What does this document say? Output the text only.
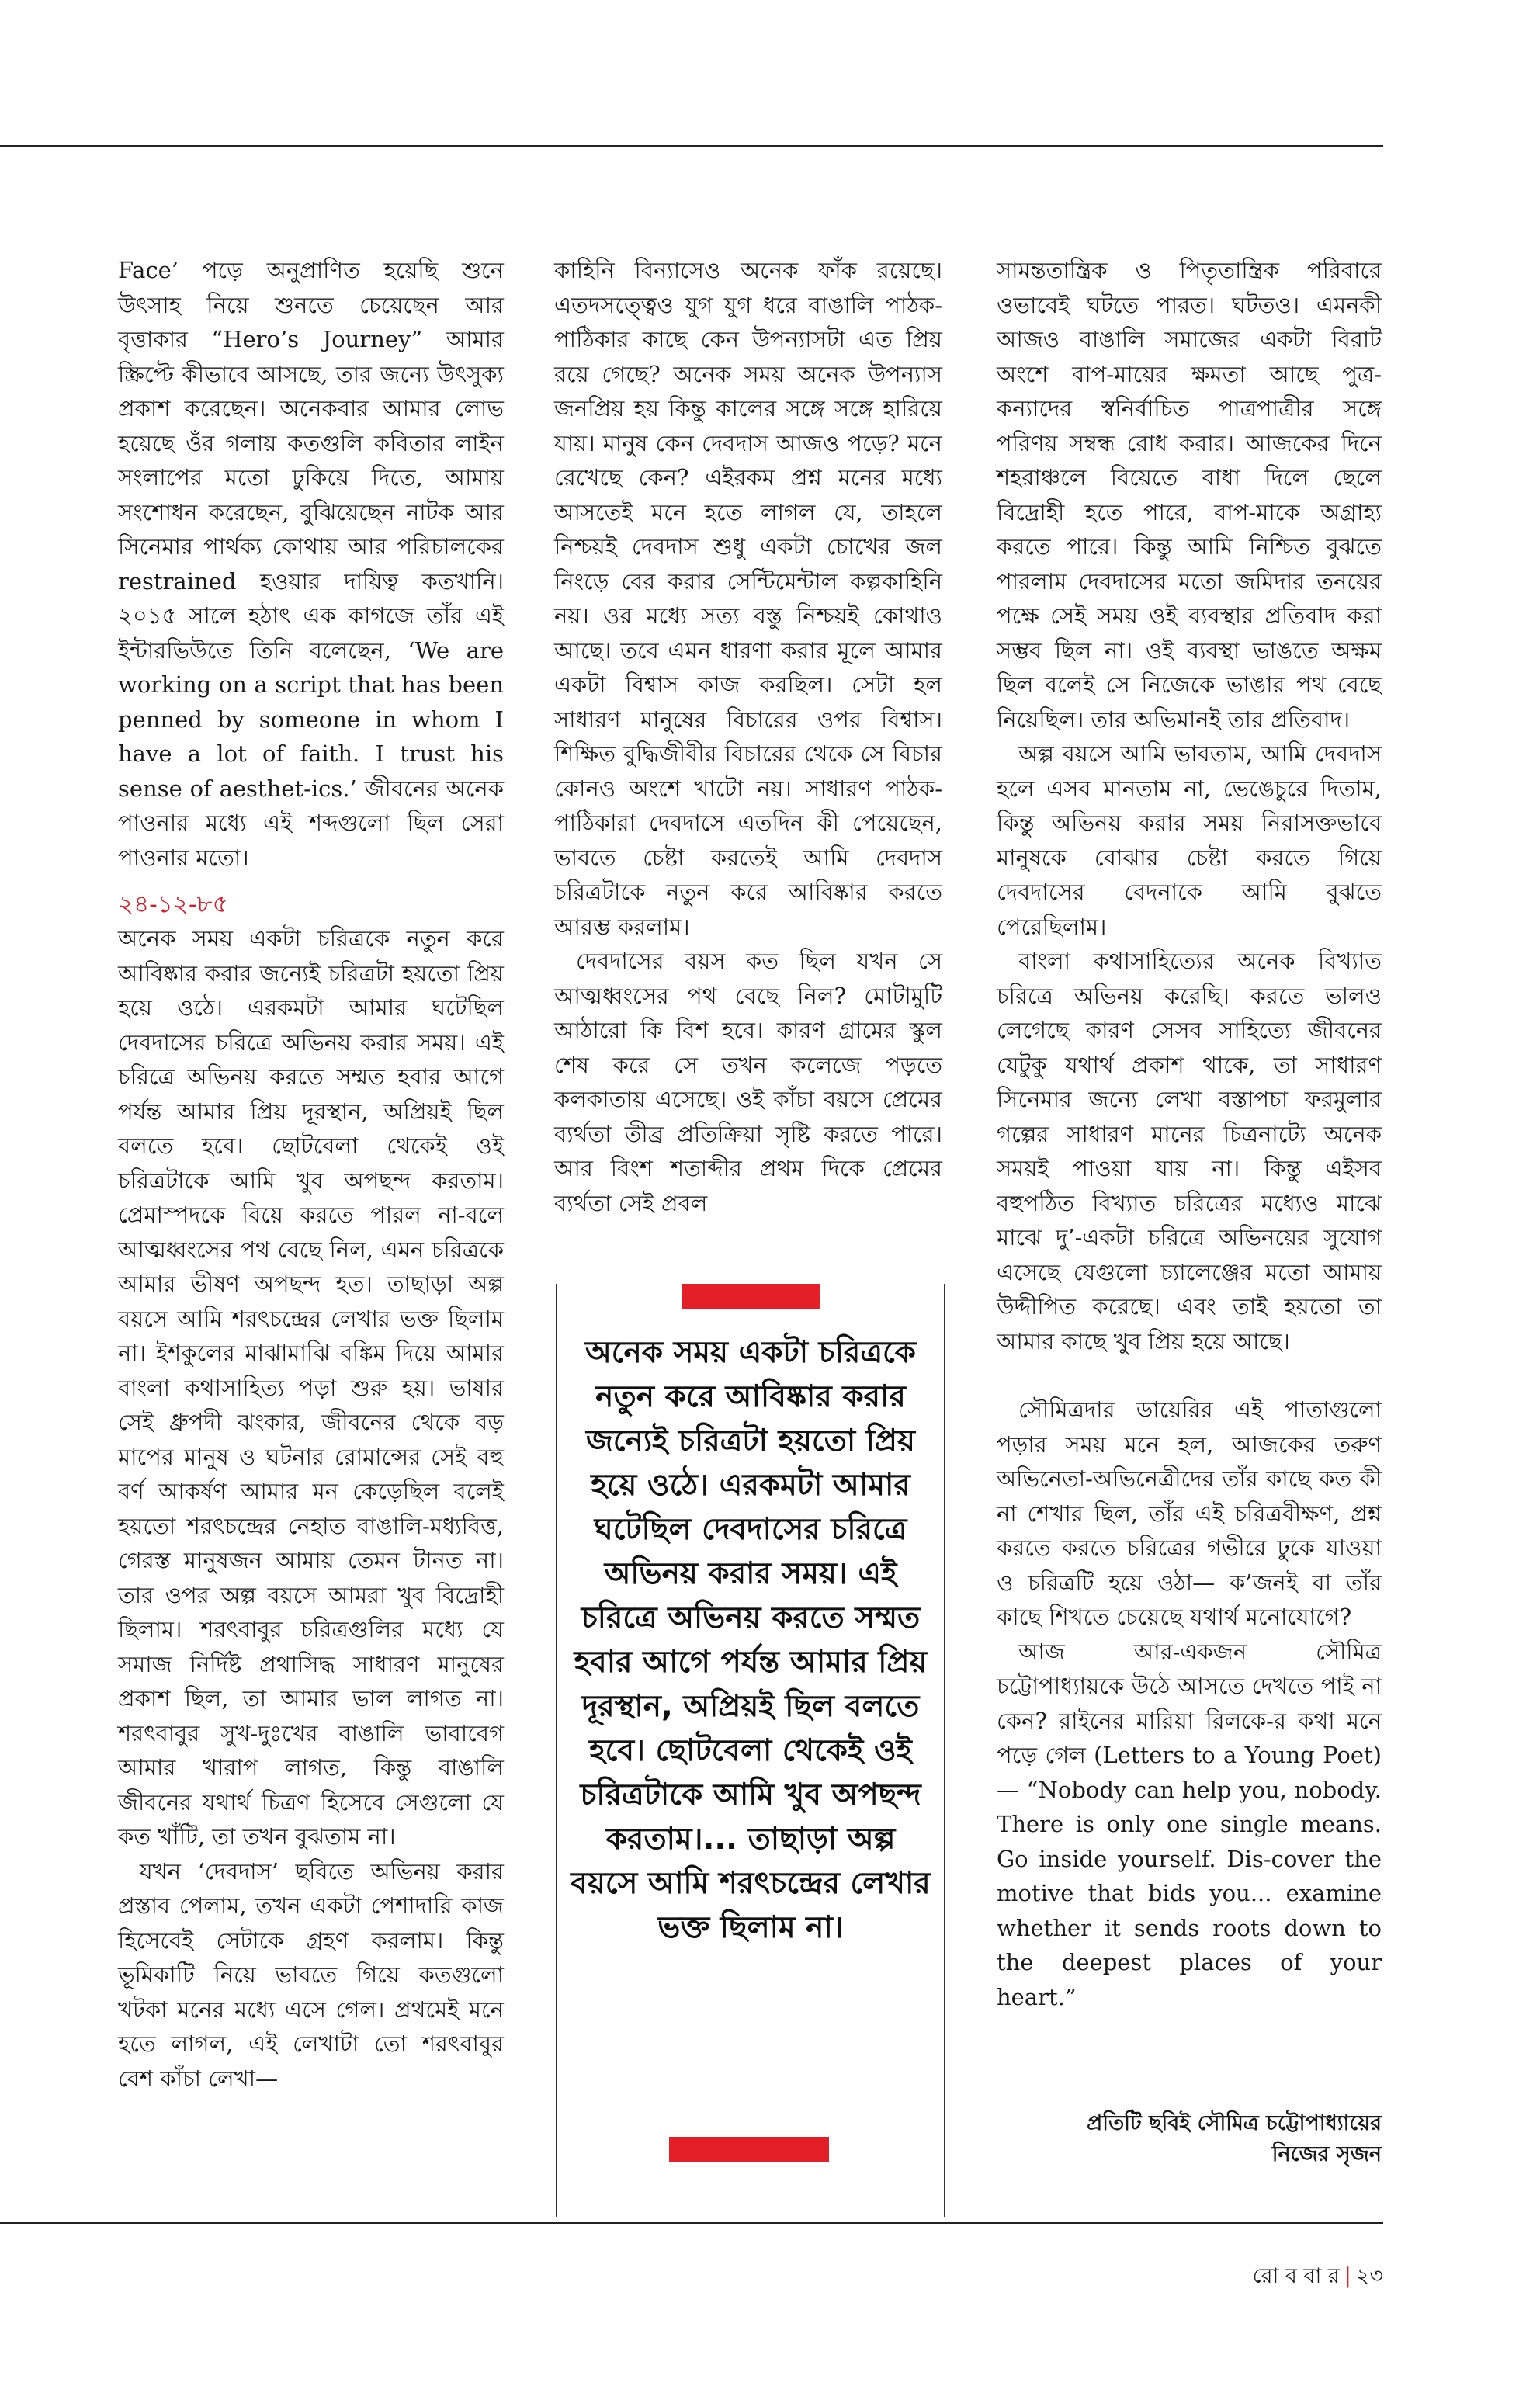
Face’ পড়ে অনুপ্রাণিত হয়েছি শুনে উৎসাহ নিয়ে শুনতে চেয়েছেন আর বৃত্তাকার “Hero’s Journey” আমার স্ক্রিপ্টে কীভাবে আসছে, তার জন্যে উৎসুক্য প্রকাশ করেছেন। অনেকবার আমার লোভ হয়েছে ওঁর গলায় কতগুলি কবিতার লাইন সংলাপের মতো ঢুকিয়ে দিতে, আমায় সংশোধন করেছেন, বুঝিয়েছেন নাটক আর সিনেমার পার্থক্য কোথায় আর পরিচালকের restrained হওয়ার দায়িত্ব কতখানি। ২০১৫ সালে হঠাৎ এক কাগজে তাঁর এই ইন্টারভিউতে তিনি বলেছেন, ‘We are working on a script that has been penned by someone in whom I have a lot of faith. I trust his sense of aesthet-ics.’ জীবনের অনেক পাওনার মধ্যে এই শব্দগুলো ছিল সেরা পাওনার মতো।

২৪-১২-৮৫

অনেক সময় একটা চরিত্রকে নতুন করে আবিষ্কার করার জন্যেই চরিত্রটা হয়তো প্রিয় হয়ে ওঠে। এরকমটা আমার ঘটেছিল দেবদাসের চরিত্রে অভিনয় করার সময়। এই চরিত্রে অভিনয় করতে সম্মত হবার আগে পর্যন্ত আমার প্রিয় দূরস্থান, অপ্রিয়ই ছিল বলতে হবে। ছোটবেলা থেকেই ওই চরিত্রটাকে আমি খুব অপছন্দ করতাম। প্রেমাস্পদকে বিয়ে করতে পারল না-বলে আত্মধ্বংসের পথ বেছে নিল, এমন চরিত্রকে আমার ভীষণ অপছন্দ হত। তাছাড়া অল্প বয়সে আমি শরৎচন্দ্রের লেখার ভক্ত ছিলাম না। ইশকুলের মাঝামাঝি বঙ্কিম দিয়ে আমার বাংলা কথাসাহিত্য পড়া শুরু হয়। ভাষার সেই ধ্রুপদী ঝংকার, জীবনের থেকে বড় মাপের মানুষ ও ঘটনার রোমান্সের সেই বহু বর্ণ আকর্ষণ আমার মন কেড়েছিল বলেই হয়তো শরৎচন্দ্রের নেহাত বাঙালি-মধ্যবিত্ত, গেরস্ত মানুষজন আমায় তেমন টানত না। তার ওপর অল্প বয়সে আমরা খুব বিদ্রোহী ছিলাম। শরৎবাবুর চরিত্রগুলির মধ্যে যে সমাজ নির্দিষ্ট প্রথাসিদ্ধ সাধারণ মানুষের প্রকাশ ছিল, তা আমার ভাল লাগত না। শরৎবাবুর সুখ-দুঃখের বাঙালি ভাবাবেগ আমার খারাপ লাগত, কিন্তু বাঙালি জীবনের যথার্থ চিত্রণ হিসেবে সেগুলো যে কত খাঁটি, তা তখন বুঝতাম না।

যখন ‘দেবদাস’ ছবিতে অভিনয় করার প্রস্তাব পেলাম, তখন একটা পেশাদারি কাজ হিসেবেই সেটাকে গ্রহণ করলাম। কিন্তু ভূমিকাটি নিয়ে ভাবতে গিয়ে কতগুলো খটকা মনের মধ্যে এসে গেল। প্রথমেই মনে হতে লাগল, এই লেখাটা তো শরৎবাবুর বেশ কাঁচা লেখা—

কাহিনি বিন্যাসেও অনেক ফাঁক রয়েছে। এতদসত্ত্বেও যুগ যুগ ধরে বাঙালি পাঠক-পাঠিকার কাছে কেন উপন্যাসটা এত প্রিয় রয়ে গেছে? অনেক সময় অনেক উপন্যাস জনপ্রিয় হয় কিন্তু কালের সঙ্গে সঙ্গে হারিয়ে যায়। মানুষ কেন দেবদাস আজও পড়ে? মনে রেখেছে কেন? এইরকম প্রশ্ন মনের মধ্যে আসতেই মনে হতে লাগল যে, তাহলে নিশ্চয়ই দেবদাস শুধু একটা চোখের জল নিংড়ে বের করার সেন্টিমেন্টাল কল্পকাহিনি নয়। ওর মধ্যে সত্য বস্তু নিশ্চয়ই কোথাও আছে। তবে এমন ধারণা করার মূলে আমার একটা বিশ্বাস কাজ করছিল। সেটা হল সাধারণ মানুষের বিচারের ওপর বিশ্বাস। শিক্ষিত বুদ্ধিজীবীর বিচারের থেকে সে বিচার কোনও অংশে খাটো নয়। সাধারণ পাঠক-পাঠিকারা দেবদাসে এতদিন কী পেয়েছেন, ভাবতে চেষ্টা করতেই আমি দেবদাস চরিত্রটাকে নতুন করে আবিষ্কার করতে আরম্ভ করলাম।

দেবদাসের বয়স কত ছিল যখন সে আত্মধ্বংসের পথ বেছে নিল? মোটামুটি আঠারো কি বিশ হবে। কারণ গ্রামের স্কুল শেষ করে সে তখন কলেজে পড়তে কলকাতায় এসেছে। ওই কাঁচা বয়সে প্রেমের ব্যর্থতা তীব্র প্রতিক্রিয়া সৃষ্টি করতে পারে। আর বিংশ শতাব্দীর প্রথম দিকে প্রেমের ব্যর্থতা সেই প্রবল

অনেক সময় একটা চরিত্রকে নতুন করে আবিষ্কার করার জন্যেই চরিত্রটা হয়তো প্রিয় হয়ে ওঠে। এরকমটা আমার ঘটেছিল দেবদাসের চরিত্রে অভিনয় করার সময়। এই চরিত্রে অভিনয় করতে সম্মত হবার আগে পর্যন্ত আমার প্রিয় দূরস্থান, অপ্রিয়ই ছিল বলতে হবে। ছোটবেলা থেকেই ওই চরিত্রটাকে আমি খুব অপছন্দ করতাম।... তাছাড়া অল্প বয়সে আমি শরৎচন্দ্রের লেখার ভক্ত ছিলাম না।

সামন্ততান্ত্রিক ও পিতৃতান্ত্রিক পরিবারে ওভাবেই ঘটতে পারত। ঘটতও। এমনকী আজও বাঙালি সমাজের একটা বিরাট অংশে বাপ-মায়ের ক্ষমতা আছে পুত্র-কন্যাদের স্বনির্বাচিত পাত্রপাত্রীর সঙ্গে পরিণয় সম্বন্ধ রোধ করার। আজকের দিনে শহরাঞ্চলে বিয়েতে বাধা দিলে ছেলে বিদ্রোহী হতে পারে, বাপ-মাকে অগ্রাহ্য করতে পারে। কিন্তু আমি নিশ্চিত বুঝতে পারলাম দেবদাসের মতো জমিদার তনয়ের পক্ষে সেই সময় ওই ব্যবস্থার প্রতিবাদ করা সম্ভব ছিল না। ওই ব্যবস্থা ভাঙতে অক্ষম ছিল বলেই সে নিজেকে ভাঙার পথ বেছে নিয়েছিল। তার অভিমানই তার প্রতিবাদ।

অল্প বয়সে আমি ভাবতাম, আমি দেবদাস হলে এসব মানতাম না, ভেঙেচুরে দিতাম, কিন্তু অভিনয় করার সময় নিরাসক্তভাবে মানুষকে বোঝার চেষ্টা করতে গিয়ে দেবদাসের বেদনাকে আমি বুঝতে পেরেছিলাম।

বাংলা কথাসাহিত্যের অনেক বিখ্যাত চরিত্রে অভিনয় করেছি। করতে ভালও লেগেছে কারণ সেসব সাহিত্যে জীবনের যেটুকু যথার্থ প্রকাশ থাকে, তা সাধারণ সিনেমার জন্যে লেখা বস্তাপচা ফরমুলার গল্পের সাধারণ মানের চিত্রনাট্যে অনেক সময়ই পাওয়া যায় না। কিন্তু এইসব বহুপঠিত বিখ্যাত চরিত্রের মধ্যেও মাঝে মাঝে দু’-একটা চরিত্রে অভিনয়ের সুযোগ এসেছে যেগুলো চ্যালেঞ্জের মতো আমায় উদ্দীপিত করেছে। এবং তাই হয়তো তা আমার কাছে খুব প্রিয় হয়ে আছে।

সৌমিত্রদার ডায়েরির এই পাতাগুলো পড়ার সময় মনে হল, আজকের তরুণ অভিনেতা-অভিনেত্রীদের তাঁর কাছে কত কী না শেখার ছিল, তাঁর এই চরিত্রবীক্ষণ, প্রশ্ন করতে করতে চরিত্রের গভীরে ঢুকে যাওয়া ও চরিত্রটি হয়ে ওঠা— ক’জনই বা তাঁর কাছে শিখতে চেয়েছে যথার্থ মনোযোগে?

আজ আর-একজন সৌমিত্র চট্টোপাধ্যায়কে উঠে আসতে দেখতে পাই না কেন? রাইনের মারিয়া রিলকে-র কথা মনে পড়ে গেল (Letters to a Young Poet)— “Nobody can help you, nobody. There is only one single means. Go inside yourself. Dis-cover the motive that bids you... examine whether it sends roots down to the deepest places of your heart.”

প্রতিটি ছবিই সৌমিত্র চট্টোপাধ্যায়ের
নিজের সৃজন
রো ব বা র | ২৩
